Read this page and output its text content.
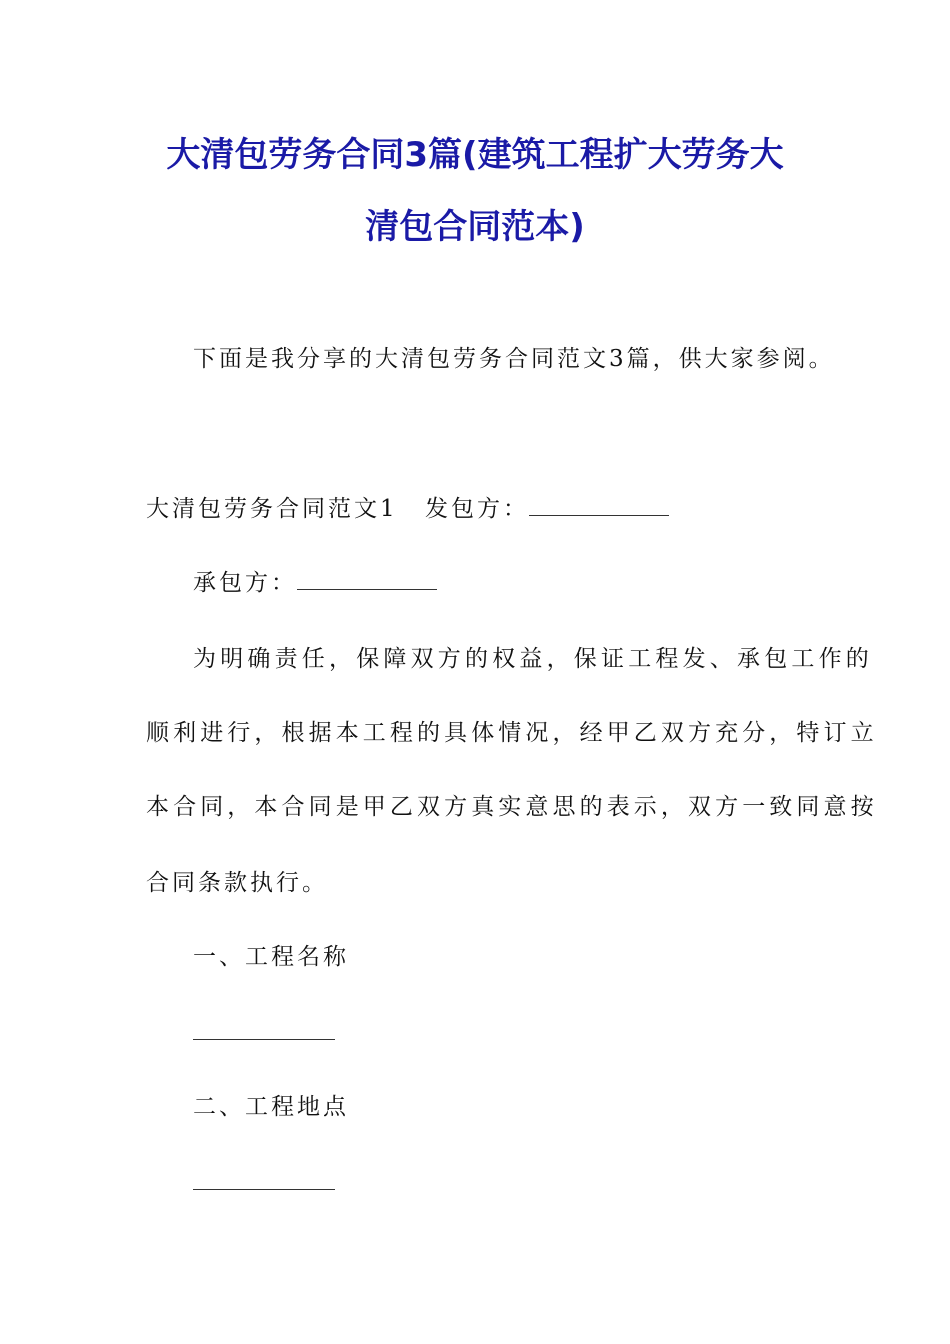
大清包劳务合同3篇(建筑工程扩大劳务大
清包合同范本)
下面是我分享的大清包劳务合同范文3篇，供大家参阅。
大清包劳务合同范文1 发包方：
承包方：
为明确责任，保障双方的权益，保证工程发、承包工作的
顺利进行，根据本工程的具体情况，经甲乙双方充分，特订立
本合同，本合同是甲乙双方真实意思的表示，双方一致同意按
合同条款执行。
一、工程名称
二、工程地点
